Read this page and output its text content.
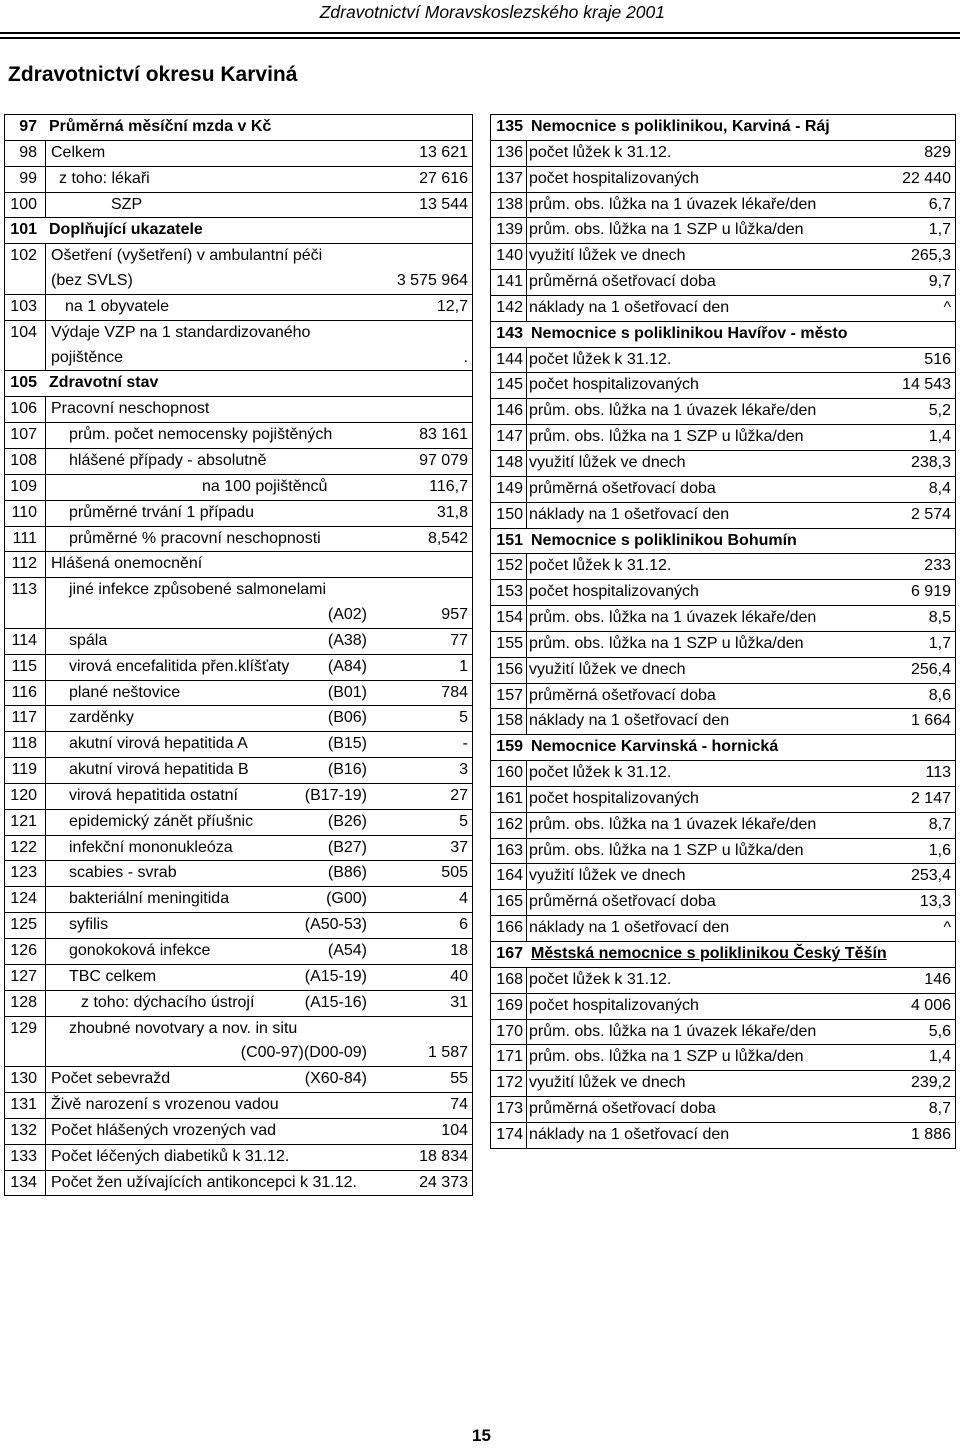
Zdravotnictví Moravskoslezského kraje 2001
Zdravotnictví okresu Karviná
97 Průměrná měsíční mzda v Kč
98 Celkem	13 621
99 z toho: lékaři	27 616
100	SZP	13 544
101 Doplňující ukazatele
102 Ošetření (vyšetření) v ambulantní péči
(bez SVLS)	3 575 964
103 na 1 obyvatele	12,7
104 Výdaje VZP na 1 standardizovaného
pojištěnce	.
105 Zdravotní stav
106 Pracovní neschopnost
107 prům. počet nemocensky pojištěných	83 161
108 hlášené případy - absolutně	97 079
109	na 100 pojištěnců	116,7
110 průměrné trvání 1 případu	31,8
111 průměrné % pracovní neschopnosti	8,542
112 Hlášená onemocnění
113 jiné infekce způsobené salmonelami
(A02)	957
114 spála	(A38)	77
115 virová encefalitida přen.klíšťaty	(A84)	1
116 plané neštovice	(B01)	784
117 zarděnky	(B06)	5
118 akutní virová hepatitida A	(B15)	-
119 akutní virová hepatitida B	(B16)	3
120 virová hepatitida ostatní	(B17-19)	27
121 epidemický zánět příušnic	(B26)	5
122 infekční mononukleóza	(B27)	37
123 scabies - svrab	(B86)	505
124 bakteriální meningitida	(G00)	4
125 syfilis	(A50-53)	6
126 gonokoková infekce	(A54)	18
127 TBC celkem	(A15-19)	40
128	z toho: dýchacího ústrojí	(A15-16)	31
129 zhoubné novotvary a nov. in situ
(C00-97)(D00-09)	1 587
130 Počet sebevražd	(X60-84)	55
131 Živě narození s vrozenou vadou	74
132 Počet hlášených vrozených vad	104
133 Počet léčených diabetiků k 31.12.	18 834
134 Počet žen užívajících antikoncepci k 31.12.	24 373
135 Nemocnice s poliklinikou, Karviná - Ráj
136 počet lůžek k 31.12.	829
137 počet hospitalizovaných	22 440
138 prům. obs. lůžka na 1 úvazek lékaře/den	6,7
139 prům. obs. lůžka na 1 SZP u lůžka/den	1,7
140 využití lůžek ve dnech	265,3
141 průměrná ošetřovací doba	9,7
142 náklady na 1 ošetřovací den	^
143 Nemocnice s poliklinikou Havířov - město
144 počet lůžek k 31.12.	516
145 počet hospitalizovaných	14 543
146 prům. obs. lůžka na 1 úvazek lékaře/den	5,2
147 prům. obs. lůžka na 1 SZP u lůžka/den	1,4
148 využití lůžek ve dnech	238,3
149 průměrná ošetřovací doba	8,4
150 náklady na 1 ošetřovací den	2 574
151 Nemocnice s poliklinikou Bohumín
152 počet lůžek k 31.12.	233
153 počet hospitalizovaných	6 919
154 prům. obs. lůžka na 1 úvazek lékaře/den	8,5
155 prům. obs. lůžka na 1 SZP u lůžka/den	1,7
156 využití lůžek ve dnech	256,4
157 průměrná ošetřovací doba	8,6
158 náklady na 1 ošetřovací den	1 664
159 Nemocnice Karvinská - hornická
160 počet lůžek k 31.12.	113
161 počet hospitalizovaných	2 147
162 prům. obs. lůžka na 1 úvazek lékaře/den	8,7
163 prům. obs. lůžka na 1 SZP u lůžka/den	1,6
164 využití lůžek ve dnech	253,4
165 průměrná ošetřovací doba	13,3
166 náklady na 1 ošetřovací den	^
167 Městská nemocnice s poliklinikou Český Těšín
168 počet lůžek k 31.12.	146
169 počet hospitalizovaných	4 006
170 prům. obs. lůžka na 1 úvazek lékaře/den	5,6
171 prům. obs. lůžka na 1 SZP u lůžka/den	1,4
172 využití lůžek ve dnech	239,2
173 průměrná ošetřovací doba	8,7
174 náklady na 1 ošetřovací den	1 886
15
